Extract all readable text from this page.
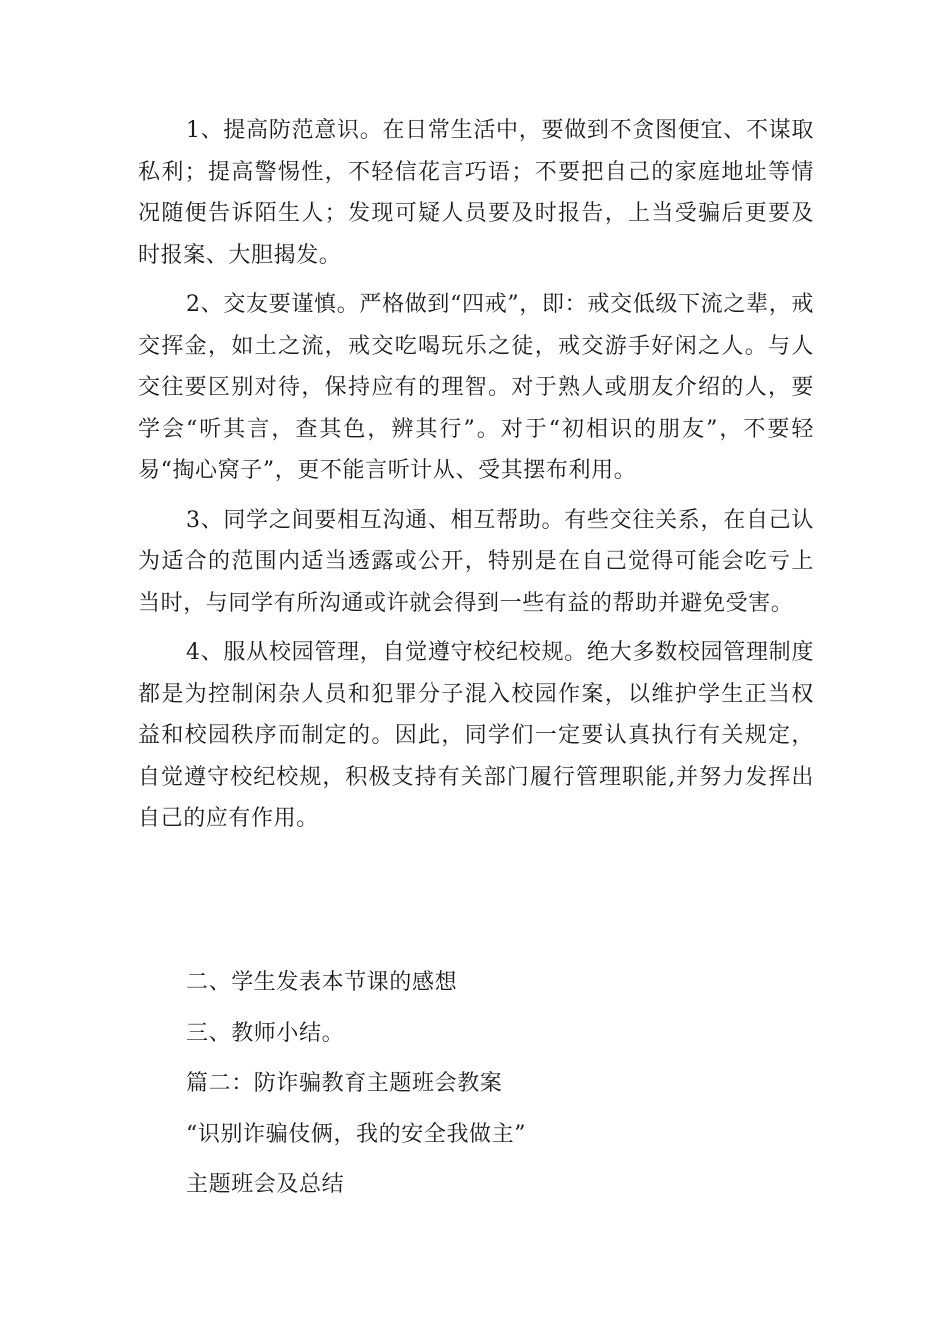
1、提高防范意识。在日常生活中，要做到不贪图便宜、不谋取私利；提高警惕性，不轻信花言巧语；不要把自己的家庭地址等情况随便告诉陌生人；发现可疑人员要及时报告，上当受骗后更要及时报案、大胆揭发。

2、交友要谨慎。严格做到“四戒”，即：戒交低级下流之辈，戒交挥金，如土之流，戒交吃喝玩乐之徒，戒交游手好闲之人。与人交往要区别对待，保持应有的理智。对于熟人或朋友介绍的人，要学会“听其言，查其色，辨其行”。对于“初相识的朋友”，不要轻易“掏心窝子”，更不能言听计从、受其摆布利用。

3、同学之间要相互沟通、相互帮助。有些交往关系，在自己认为适合的范围内适当透露或公开，特别是在自己觉得可能会吃亏上当时，与同学有所沟通或许就会得到一些有益的帮助并避免受害。

4、服从校园管理，自觉遵守校纪校规。绝大多数校园管理制度都是为控制闲杂人员和犯罪分子混入校园作案，以维护学生正当权益和校园秩序而制定的。因此，同学们一定要认真执行有关规定，自觉遵守校纪校规，积极支持有关部门履行管理职能,并努力发挥出自己的应有作用。

二、学生发表本节课的感想

三、教师小结。

篇二：防诈骗教育主题班会教案

“识别诈骗伎俩，我的安全我做主”

主题班会及总结
